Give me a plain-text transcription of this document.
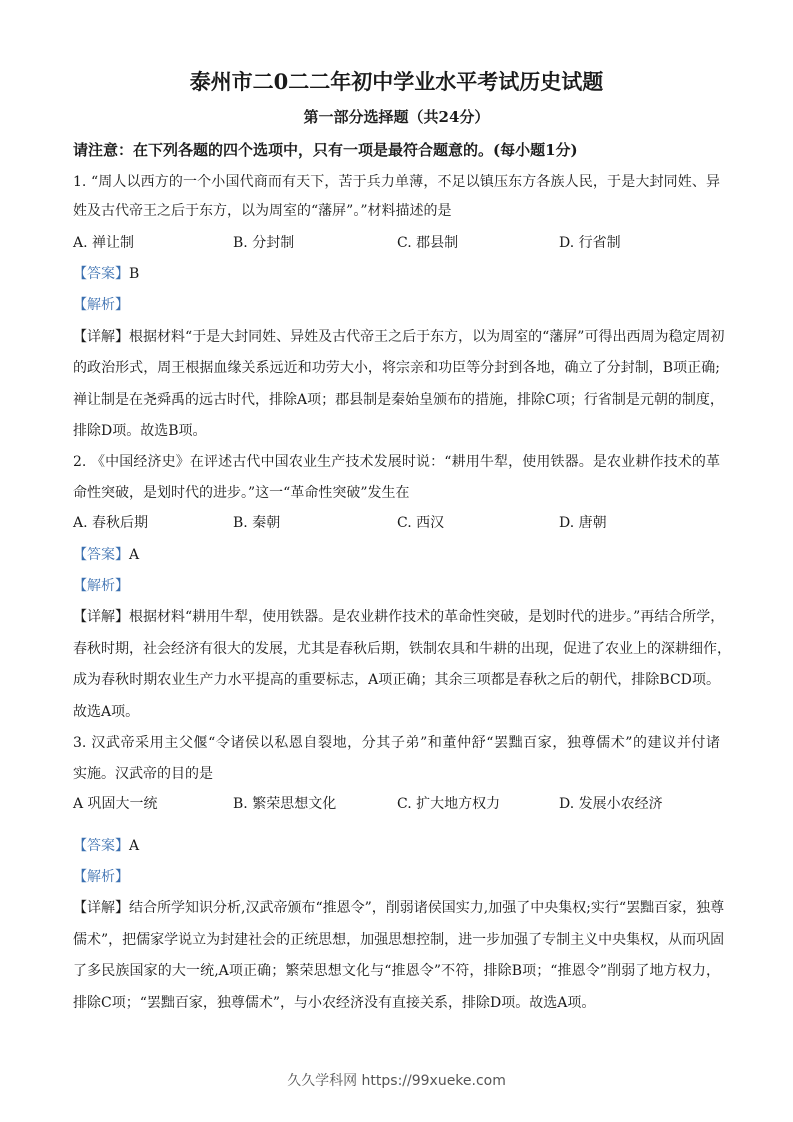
泰州市二0二二年初中学业水平考试历史试题
第一部分选择题（共24分）
请注意：在下列各题的四个选项中，只有一项是最符合题意的。(每小题1分)
1. “周人以西方的一个小国代商而有天下，苦于兵力单薄，不足以镇压东方各族人民，于是大封同姓、异
姓及古代帝王之后于东方，以为周室的“藩屏”。”材料描述的是
A. 禅让制	B. 分封制	C. 郡县制	D. 行省制
【答案】B
【解析】
【详解】根据材料“于是大封同姓、异姓及古代帝王之后于东方，以为周室的“藩屏”可得出西周为稳定周初
的政治形式，周王根据血缘关系远近和功劳大小，将宗亲和功臣等分封到各地，确立了分封制，B项正确;
禅让制是在尧舜禹的远古时代，排除A项；郡县制是秦始皇颁布的措施，排除C项；行省制是元朝的制度，
排除D项。故选B项。
2. 《中国经济史》在评述古代中国农业生产技术发展时说：“耕用牛犁，使用铁器。是农业耕作技术的革
命性突破，是划时代的进步。”这一“革命性突破”发生在
A. 春秋后期	B. 秦朝	C. 西汉	D. 唐朝
【答案】A
【解析】
【详解】根据材料“耕用牛犁，使用铁器。是农业耕作技术的革命性突破，是划时代的进步。”再结合所学，
春秋时期，社会经济有很大的发展，尤其是春秋后期，铁制农具和牛耕的出现，促进了农业上的深耕细作，
成为春秋时期农业生产力水平提高的重要标志，A项正确；其余三项都是春秋之后的朝代，排除BCD项。
故选A项。
3. 汉武帝采用主父偃“令诸侯以私恩自裂地，分其子弟”和董仲舒“罢黜百家，独尊儒术”的建议并付诸
实施。汉武帝的目的是
A 巩固大一统	B. 繁荣思想文化	C. 扩大地方权力	D. 发展小农经济
【答案】A
【解析】
【详解】结合所学知识分析,汉武帝颁布“推恩令”，削弱诸侯国实力,加强了中央集权;实行“罢黜百家，独尊
儒术”，把儒家学说立为封建社会的正统思想，加强思想控制，进一步加强了专制主义中央集权，从而巩固
了多民族国家的大一统,A项正确；繁荣思想文化与“推恩令”不符，排除B项；“推恩令”削弱了地方权力，
排除C项；“罢黜百家，独尊儒术”，与小农经济没有直接关系，排除D项。故选A项。
久久学科网 https://99xueke.com
